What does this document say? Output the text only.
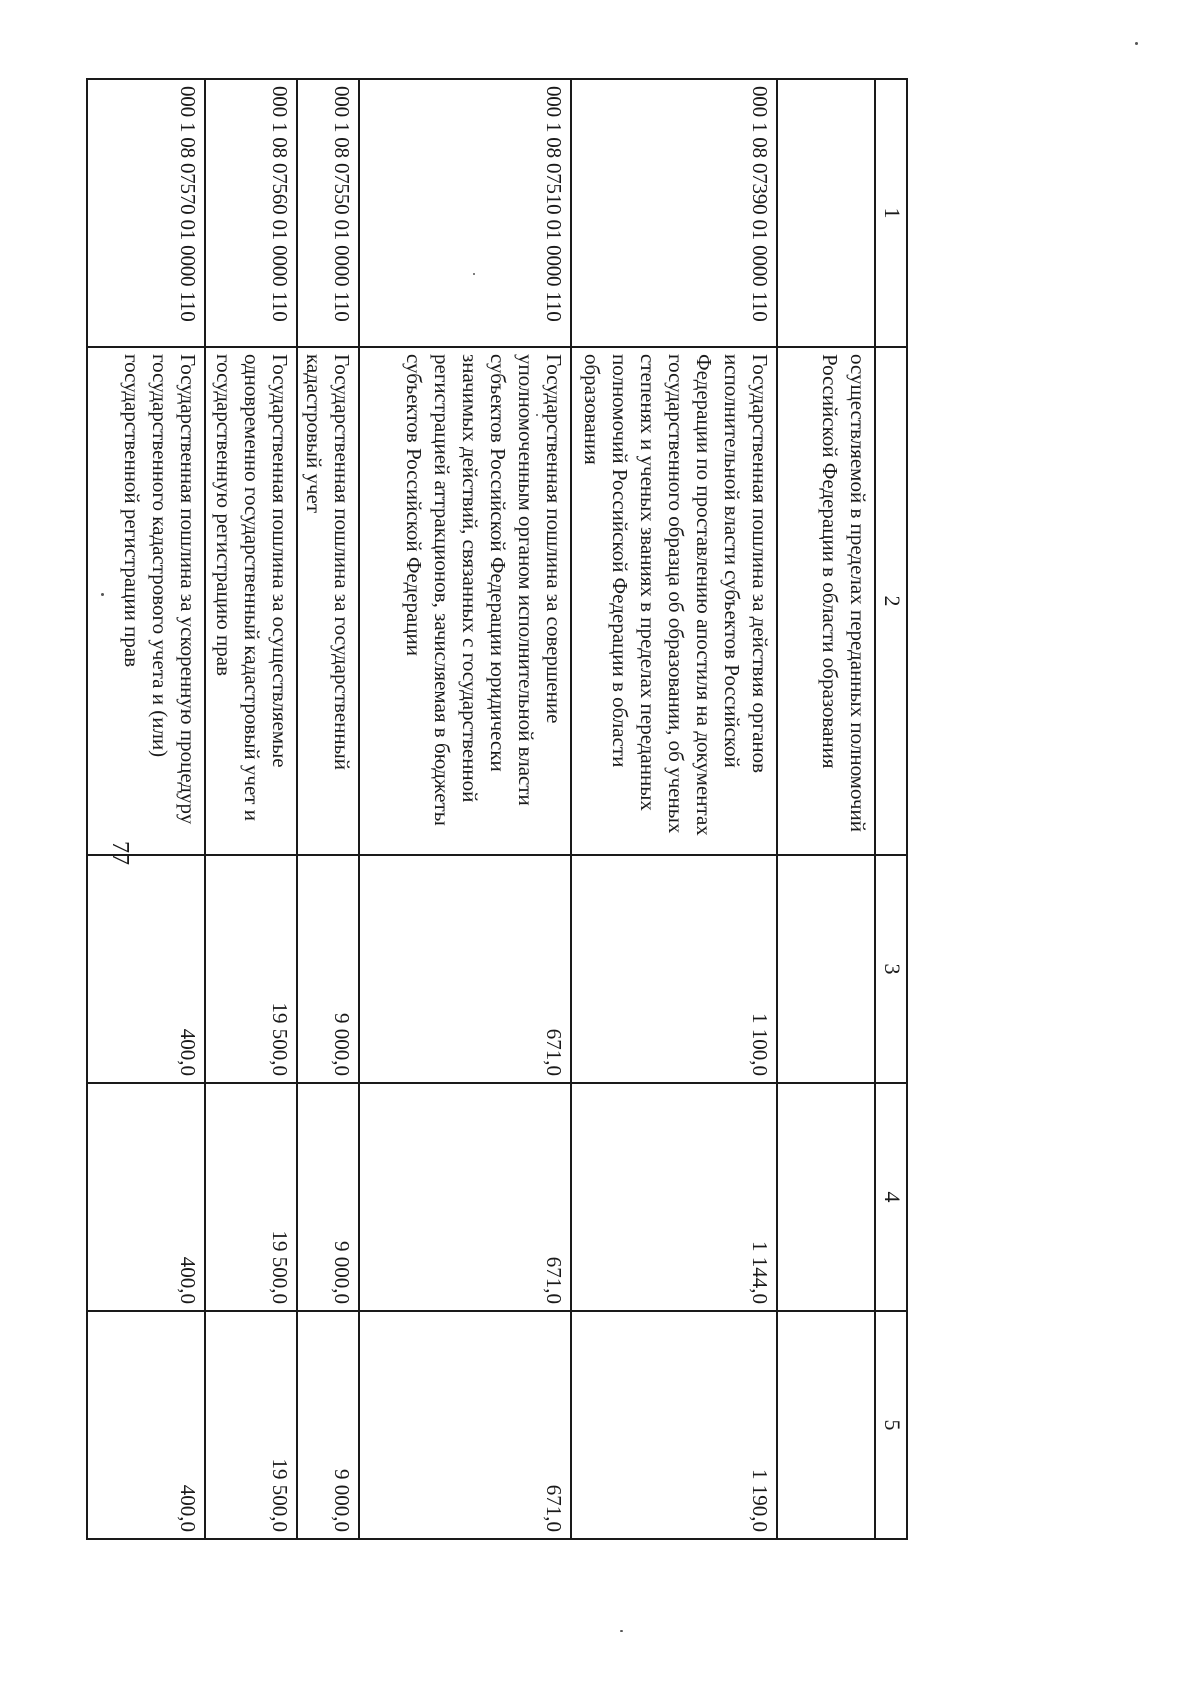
77
1	2	3	4	5
	осуществляемой в пределах переданных полномочий Российской Федерации в области образования			
000 1 08 07390 01 0000 110	Государственная пошлина за действия органов исполнительной власти субъектов Российской Федерации по проставлению апостиля на документах государственного образца об образовании, об ученых степенях и ученых званиях в пределах переданных полномочий Российской Федерации в области образования	1 100,0	1 144,0	1 190,0
000 1 08 07510 01 0000 110	Государственная пошлина за совершение уполномоченным органом исполнительной власти субъектов Российской Федерации юридически значимых действий, связанных с государственной регистрацией аттракционов, зачисляемая в бюджеты субъектов Российской Федерации	671,0	671,0	671,0
000 1 08 07550 01 0000 110	Государственная пошлина за государственный кадастровый учет	9 000,0	9 000,0	9 000,0
000 1 08 07560 01 0000 110	Государственная пошлина за осуществляемые одновременно государственный кадастровый учет и государственную регистрацию прав	19 500,0	19 500,0	19 500,0
000 1 08 07570 01 0000 110	Государственная пошлина за ускоренную процедуру государственного кадастрового учета и (или) государственной регистрации прав	400,0	400,0	400,0
